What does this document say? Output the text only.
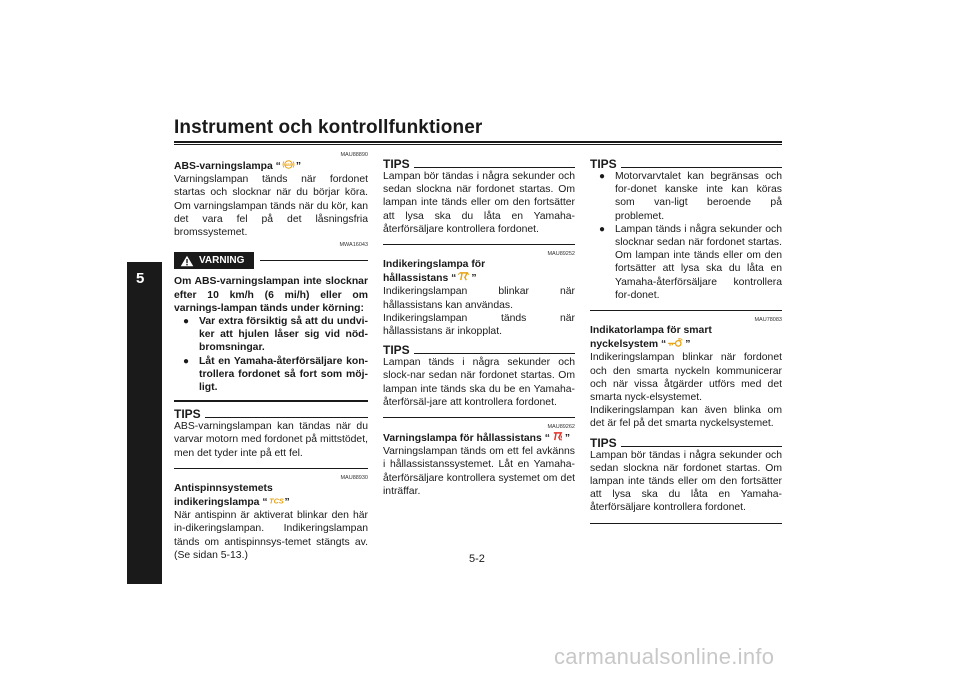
Instrument och kontrollfunktioner
5
MAU88890
ABS-varningslampa “ ABS ”

Varningslampan tänds när fordonet startas och slocknar när du börjar köra. Om varningslampan tänds när du kör, kan det vara fel på det låsningsfria bromssystemet.

MWA16043
VARNING

Om ABS-varningslampan inte slocknar efter 10 km/h (6 mi/h) eller om varnings-lampan tänds under körning:

● Var extra försiktig så att du undvi-ker att hjulen låser sig vid nöd-bromsningar.
● Låt en Yamaha-återförsäljare kon-trollera fordonet så fort som möj-ligt.
TIPS

ABS-varningslampan kan tändas när du varvar motorn med fordonet på mittstödet, men det tyder inte på ett fel.

MAU88930
Antispinnsystemets
indikeringslampa “ TCS ”

När antispinn är aktiverat blinkar den här in-dikeringslampan. Indikeringslampan tänds om antispinnsys-temet stängts av. (Se sidan 5-13.)

TIPS

Lampan bör tändas i några sekunder och sedan slockna när fordonet startas. Om lampan inte tänds eller om den fortsätter att lysa ska du låta en Yamaha-återförsäljare kontrollera fordonet.

MAU89252
Indikeringslampa för
hållassistans “ ”

Indikeringslampan blinkar när hållassistans kan användas.

Indikeringslampan tänds när hållassistans är inkopplat.

TIPS

Lampan tänds i några sekunder och slock-nar sedan när fordonet startas. Om lampan inte tänds ska du be en Yamaha-återförsäl-jare att kontrollera fordonet.

MAU89262
Varningslampa för hållassistans “ ”

Varningslampan tänds om ett fel avkänns i hållassistanssystemet. Låt en Yamaha-återförsäljare kontrollera systemet om det inträffar.

TIPS
● Motorvarvtalet kan begränsas och for-donet kanske inte kan köras som van-ligt beroende på problemet.
● Lampan tänds i några sekunder och slocknar sedan när fordonet startas. Om lampan inte tänds eller om den fortsätter att lysa ska du låta en Yamaha-återförsäljare kontrollera for-donet.
MAU78083
Indikatorlampa för smart
nyckelsystem “ ”

Indikeringslampan blinkar när fordonet och den smarta nyckeln kommunicerar och när vissa åtgärder utförs med det smarta nyck-elsystemet.

Indikeringslampan kan även blinka om det är fel på det smarta nyckelsystemet.

TIPS

Lampan bör tändas i några sekunder och sedan slockna när fordonet startas. Om lampan inte tänds eller om den fortsätter att lysa ska du låta en Yamaha-återförsäljare kontrollera fordonet.

5-2
carmanualsonline.info
